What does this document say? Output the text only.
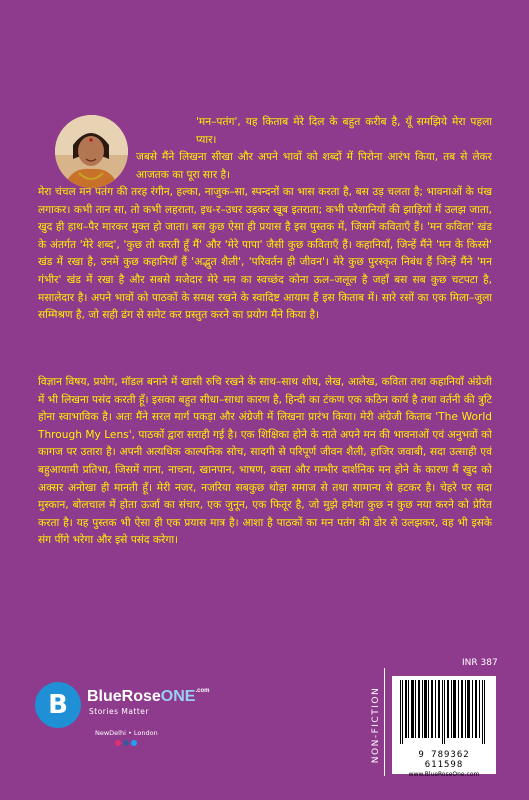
'मन–पतंग', यह किताब मेरे दिल के बहुत करीब है, यूँ समझिये मेरा पहला प्यार।
जबसे मैंने लिखना सीखा और अपने भावों को शब्दों में पिरोना आरंभ किया, तब से लेकर आजतक का पूरा सार है।
मेरा चंचल मन पतंग की तरह रंगीन, हल्का, नाजुक–सा, स्पन्दनों का भास करता है, बस उड़ चलता है; भावनाओं के पंख लगाकर। कभी तान सा, तो कभी लहराता, इध-र–उधर उड़कर खूब इतराता; कभी परेशानियों की झाड़ियों में उलझ जाता, खुद ही हाथ–पैर मारकर मुक्त हो जाता। बस कुछ ऐसा ही प्रयास है इस पुस्तक में, जिसमें कविताएँ हैं। 'मन कविता' खंड के अंतर्गत 'मेरे शब्द', 'कुछ तो करती हूँ मैं' और 'मेरे पापा' जैसी कुछ कविताएँ हैं। कहानियाँ, जिन्हें मैंने 'मन के किस्से' खंड में रखा है, उनमें कुछ कहानियाँ हैं 'अद्भुत शैली', 'परिवर्तन ही जीवन'। मेरे कुछ पुरस्कृत निबंध हैं जिन्हें मैंने 'मन गंभीर' खंड में रखा है और सबसे मजेदार मेरे मन का स्वच्छंद कोना ऊल–जलूल है जहाँ बस सब कुछ चटपटा है, मसालेदार है। अपने भावों को पाठकों के समक्ष रखने के स्वादिष्ट आयाम हैं इस किताब में। सारे रसों का एक मिला–जुला सम्मिश्रण है, जो सही ढंग से समेट कर प्रस्तुत करने का प्रयोग मैंने किया है।
विज्ञान विषय, प्रयोग, मॉडल बनाने में खासी रुचि रखने के साथ–साथ शोध, लेख, आलेख, कविता तथा कहानियाँ अंग्रेजी में भी लिखना पसंद करती हूँ। इसका बहुत सीधा–साधा कारण है, हिन्दी का टंकण एक कठिन कार्य है तथा वर्तनी की त्रुटि होना स्वाभाविक है। अतः मैंने सरल मार्ग पकड़ा और अंग्रेजी में लिखना प्रारंभ किया। मेरी अंग्रेजी किताब 'The World Through My Lens', पाठकों द्वारा सराही गई है। एक शिक्षिका होने के नाते अपने मन की भावनाओं एवं अनुभवों को कागज पर उतारा है। अपनी अत्यधिक काल्पनिक सोच, सादगी से परिपूर्ण जीवन शैली, हाजिर जवाबी, सदा उत्साही एवं बहुआयामी प्रतिभा, जिसमें गाना, नाचना, खानपान, भाषण, वक्ता और गम्भीर दार्शनिक मन होने के कारण मैं खुद को अक्सर अनोखा ही मानती हूँ। मेरी नजर, नजरिया सबकुछ थोड़ा समाज से तथा सामान्य से हटकर है। चेहरे पर सदा मुस्कान, बोलचाल में होता ऊर्जा का संचार, एक जुनून, एक फितूर है, जो मुझे हमेशा कुछ न कुछ नया करने को प्रेरित करता है। यह पुस्तक भी ऐसा ही एक प्रयास मात्र है। आशा है पाठकों का मन पतंग की डोर से उलझकर, वह भी इसके संग पींगे भरेगा और इसे पसंद करेगा।
B BlueRoseONE$^{.com}$
Stories Matter
NewDelhi • London	NON-FICTION
INR 387
9 789362 611598
www.BlueRoseOne.com
